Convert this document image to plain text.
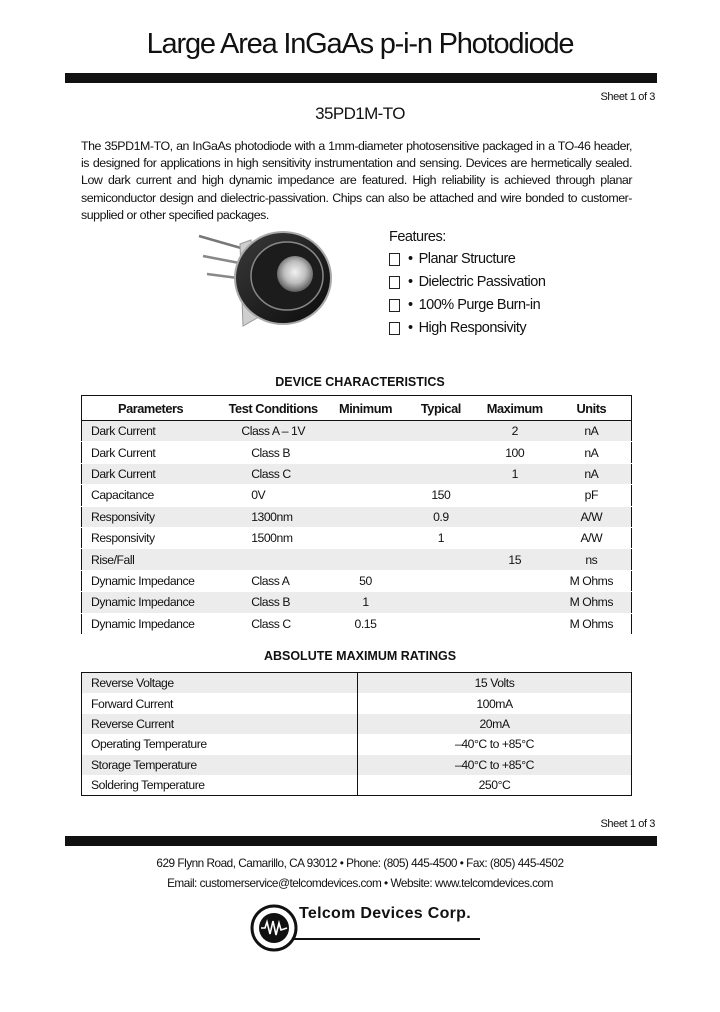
Large Area InGaAs p-i-n Photodiode
Sheet 1 of 3
35PD1M-TO
The 35PD1M-TO, an InGaAs photodiode with a 1mm-diameter photosensitive packaged in a TO-46 header, is designed for applications in high sensitivity instrumentation and sensing. Devices are hermetically sealed. Low dark current and high dynamic impedance are featured. High reliability is achieved through planar semiconductor design and dielectric-passivation. Chips can also be attached and wire bonded to customer-supplied or other specified packages.
Features:
• Planar Structure
• Dielectric Passivation
• 100% Purge Burn-in
• High Responsivity
DEVICE CHARACTERISTICS
Parameters	Test Conditions	Minimum	Typical	Maximum	Units
Dark Current	Class A – 1V			2	nA
Dark Current	Class B			100	nA
Dark Current	Class C			1	nA
Capacitance	0V		150		pF
Responsivity	1300nm		0.9		A/W
Responsivity	1500nm		1		A/W
Rise/Fall				15	ns
Dynamic Impedance	Class A	50			M Ohms
Dynamic Impedance	Class B	1			M Ohms
Dynamic Impedance	Class C	0.15			M Ohms
ABSOLUTE MAXIMUM RATINGS
Reverse Voltage	15 Volts
Forward Current	100mA
Reverse Current	20mA
Operating Temperature	–40°C to +85°C
Storage Temperature	–40°C to +85°C
Soldering Temperature	250°C
Sheet 1 of 3
629 Flynn Road, Camarillo, CA 93012 • Phone: (805) 445-4500 • Fax: (805) 445-4502
Email: customerservice@telcomdevices.com • Website: www.telcomdevices.com
Telcom Devices Corp.
